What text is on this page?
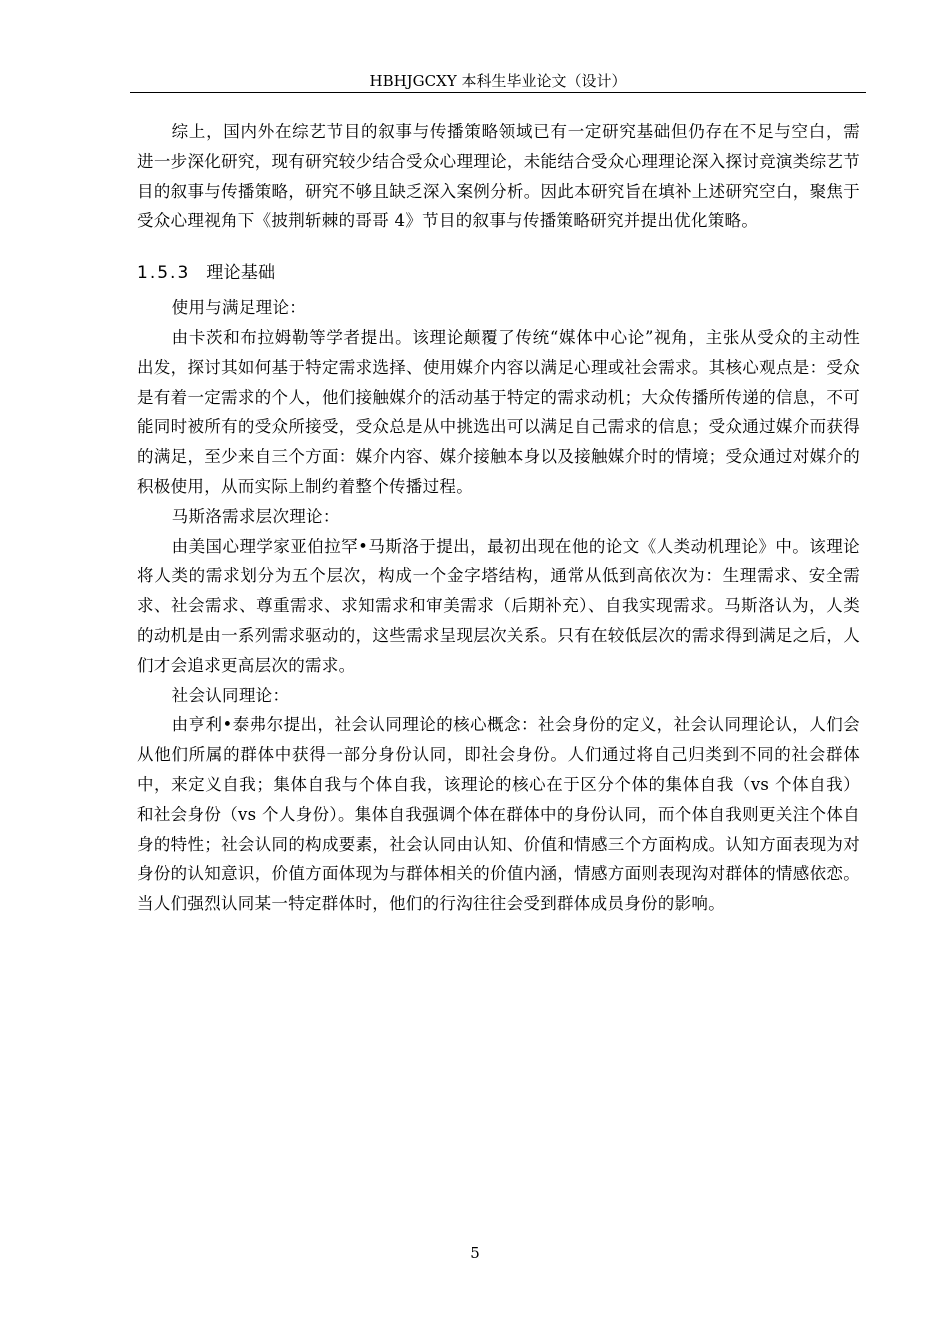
HBHJGCXY 本科生毕业论文（设计）

综上，国内外在综艺节目的叙事与传播策略领域已有一定研究基础但仍存在不足与空白，需进一步深化研究，现有研究较少结合受众心理理论，未能结合受众心理理论深入探讨竞演类综艺节目的叙事与传播策略，研究不够且缺乏深入案例分析。因此本研究旨在填补上述研究空白，聚焦于受众心理视角下《披荆斩棘的哥哥 4》节目的叙事与传播策略研究并提出优化策略。

1.5.3 理论基础

使用与满足理论：

由卡茨和布拉姆勒等学者提出。该理论颠覆了传统“媒体中心论”视角，主张从受众的主动性出发，探讨其如何基于特定需求选择、使用媒介内容以满足心理或社会需求。其核心观点是：受众是有着一定需求的个人，他们接触媒介的活动基于特定的需求动机；大众传播所传递的信息，不可能同时被所有的受众所接受，受众总是从中挑选出可以满足自己需求的信息；受众通过媒介而获得的满足，至少来自三个方面：媒介内容、媒介接触本身以及接触媒介时的情境；受众通过对媒介的积极使用，从而实际上制约着整个传播过程。

马斯洛需求层次理论：

由美国心理学家亚伯拉罕•马斯洛于提出，最初出现在他的论文《人类动机理论》中。该理论将人类的需求划分为五个层次，构成一个金字塔结构，通常从低到高依次为：生理需求、安全需求、社会需求、尊重需求、求知需求和审美需求（后期补充）、自我实现需求。马斯洛认为，人类的动机是由一系列需求驱动的，这些需求呈现层次关系。只有在较低层次的需求得到满足之后，人们才会追求更高层次的需求。

社会认同理论：

由亨利•泰弗尔提出，社会认同理论的核心概念：社会身份的定义，社会认同理论认，人们会从他们所属的群体中获得一部分身份认同，即社会身份。人们通过将自己归类到不同的社会群体中，来定义自我；集体自我与个体自我，该理论的核心在于区分个体的集体自我（vs 个体自我）和社会身份（vs 个人身份）。集体自我强调个体在群体中的身份认同，而个体自我则更关注个体自身的特性；社会认同的构成要素，社会认同由认知、价值和情感三个方面构成。认知方面表现为对身份的认知意识，价值方面体现为与群体相关的价值内涵，情感方面则表现沟对群体的情感依恋。当人们强烈认同某一特定群体时，他们的行沟往往会受到群体成员身份的影响。

5
